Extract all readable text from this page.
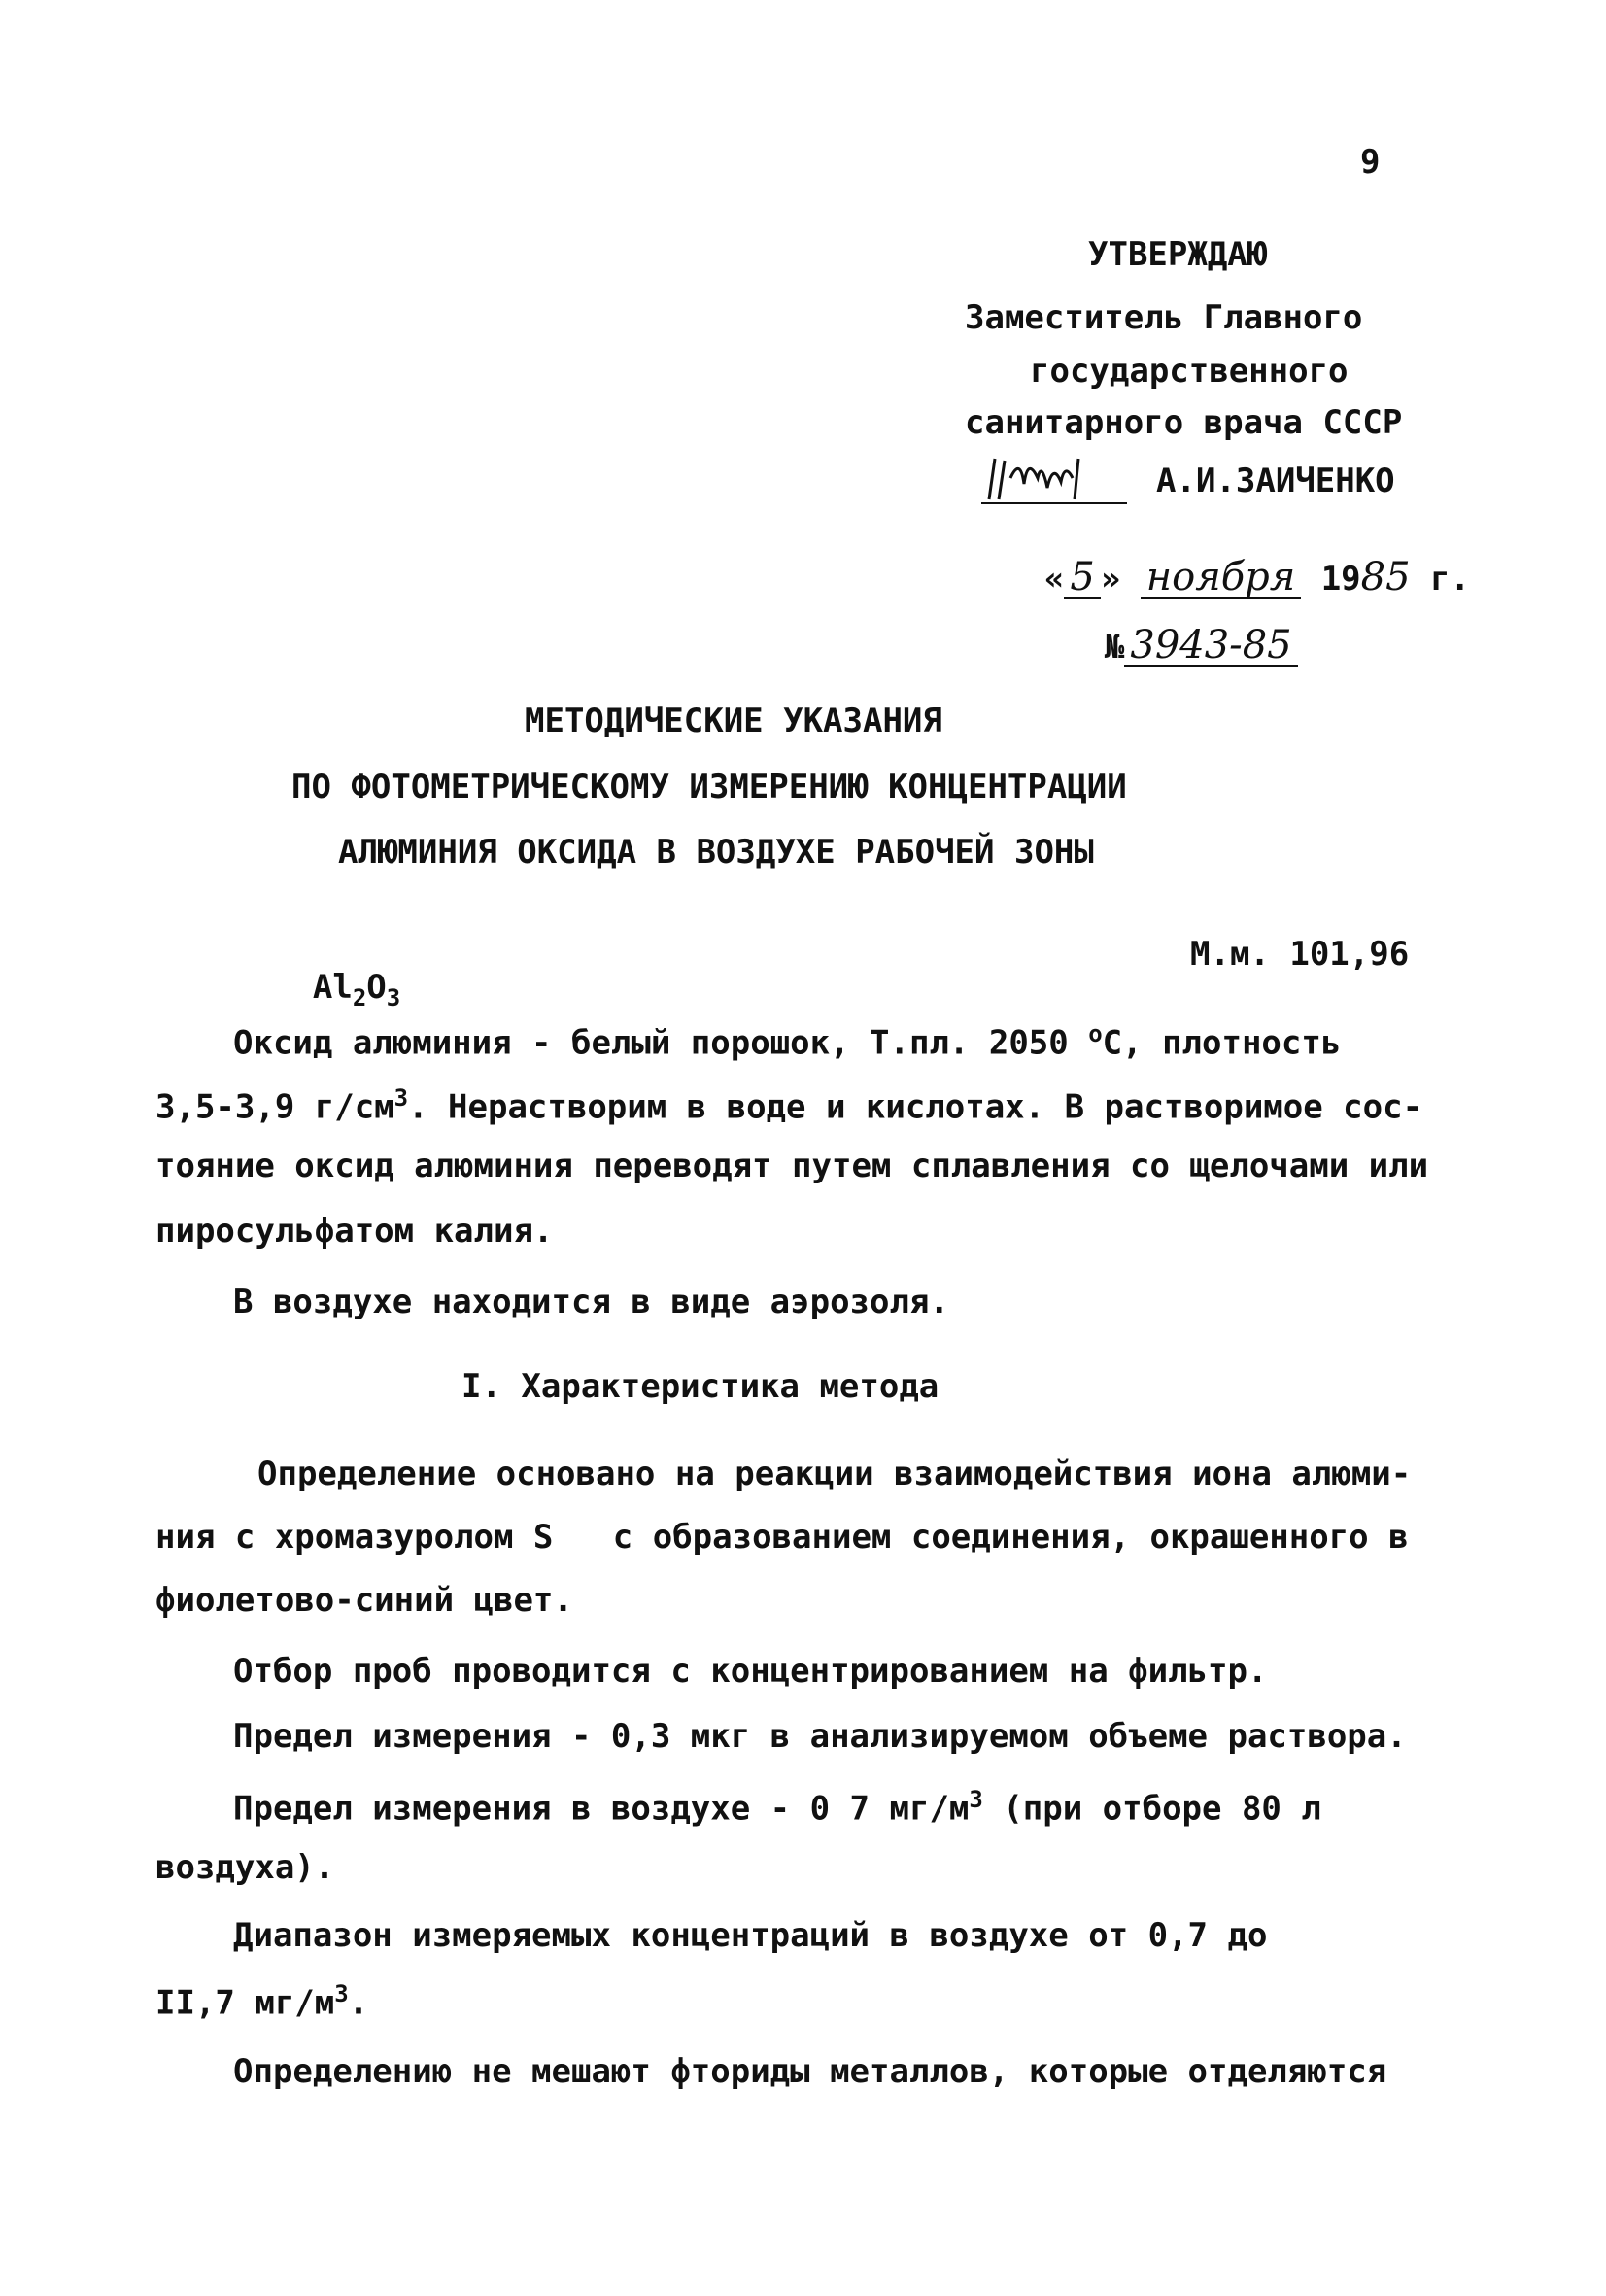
9
УТВЕРЖДАЮ
Заместитель Главного
государственного
санитарного врача СССР
А.И.ЗАИЧЕНКО

« 5 » ноября 1985 г.

№ 3943-85

МЕТОДИЧЕСКИЕ УКАЗАНИЯ
ПО ФОТОМЕТРИЧЕСКОМУ ИЗМЕРЕНИЮ КОНЦЕНТРАЦИИ
АЛЮМИНИЯ ОКСИДА В ВОЗДУХЕ РАБОЧЕЙ ЗОНЫ

$Al_2O_3$

М.м. 101,96
Оксид алюминия - белый порошок, Т.пл. 2050 $^о$С, плотность
3,5-3,9 $г/см^3$. Нерастворим в воде и кислотах. В растворимое сос-
тояние оксид алюминия переводят путем сплавления со щелочами или
пиросульфатом калия.
В воздухе находится в виде аэрозоля.
I. Характеристика метода
Определение основано на реакции взаимодействия иона алюми-
ния с хромазуролом S   с образованием соединения, окрашенного в
фиолетово-синий цвет.
Отбор проб проводится с концентрированием на фильтр.
Предел измерения - 0,3 мкг в анализируемом объеме раствора.
Предел измерения в воздухе - 0 7 $мг/м^3$ (при отборе 80 л
воздуха).
Диапазон измеряемых концентраций в воздухе от 0,7 до
II,7 $мг/м^3$.
Определению не мешают фториды металлов, которые отделяются
